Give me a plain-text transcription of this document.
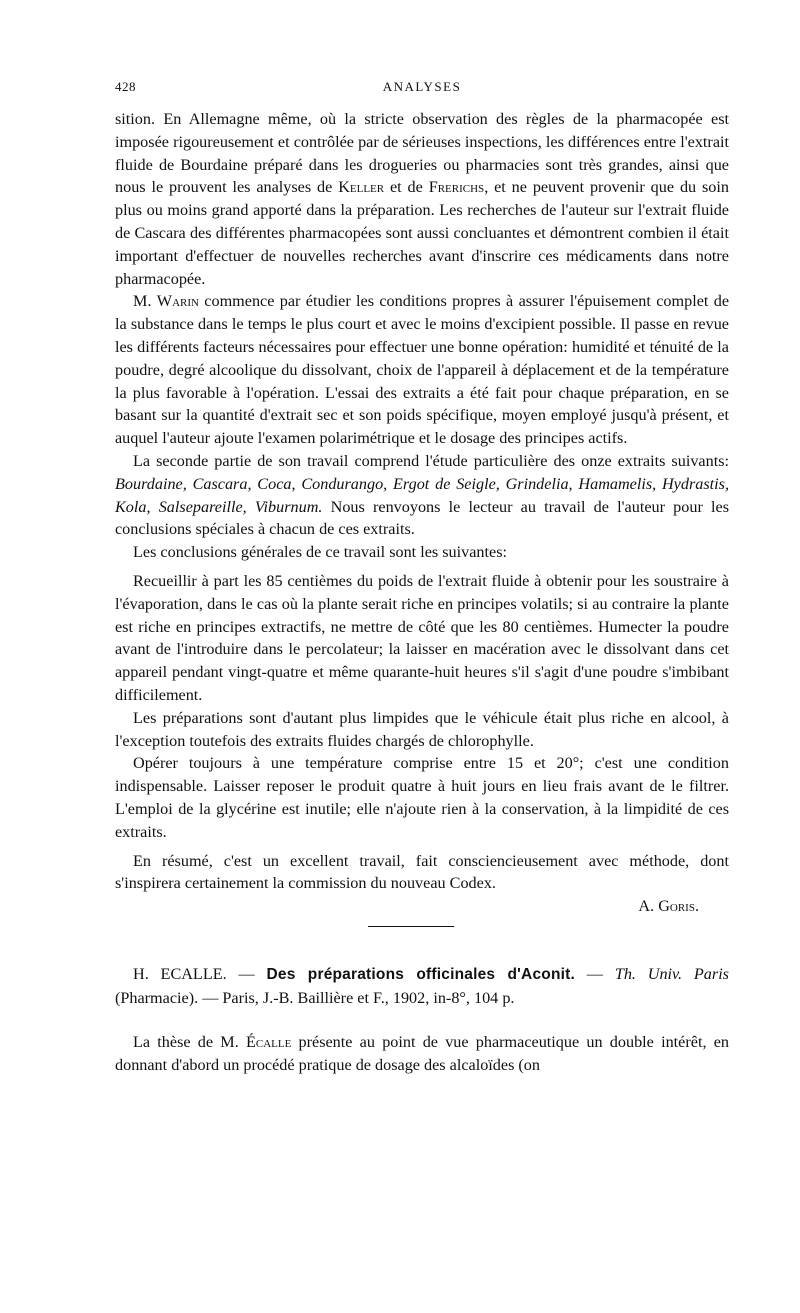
428	ANALYSES

sition. En Allemagne même, où la stricte observation des règles de la pharmacopée est imposée rigoureusement et contrôlée par de sérieuses inspections, les différences entre l'extrait fluide de Bourdaine préparé dans les drogueries ou pharmacies sont très grandes, ainsi que nous le prouvent les analyses de Keller et de Frerichs, et ne peuvent provenir que du soin plus ou moins grand apporté dans la préparation. Les recherches de l'auteur sur l'extrait fluide de Cascara des différentes pharmacopées sont aussi concluantes et démontrent combien il était important d'effectuer de nouvelles recherches avant d'inscrire ces médicaments dans notre pharmacopée.

M. Warin commence par étudier les conditions propres à assurer l'épuisement complet de la substance dans le temps le plus court et avec le moins d'excipient possible. Il passe en revue les différents facteurs nécessaires pour effectuer une bonne opération: humidité et ténuité de la poudre, degré alcoolique du dissolvant, choix de l'appareil à déplacement et de la température la plus favorable à l'opération. L'essai des extraits a été fait pour chaque préparation, en se basant sur la quantité d'extrait sec et son poids spécifique, moyen employé jusqu'à présent, et auquel l'auteur ajoute l'examen polarimétrique et le dosage des principes actifs.

La seconde partie de son travail comprend l'étude particulière des onze extraits suivants: Bourdaine, Cascara, Coca, Condurango, Ergot de Seigle, Grindelia, Hamamelis, Hydrastis, Kola, Salsepareille, Viburnum. Nous renvoyons le lecteur au travail de l'auteur pour les conclusions spéciales à chacun de ces extraits.

Les conclusions générales de ce travail sont les suivantes:

Recueillir à part les 85 centièmes du poids de l'extrait fluide à obtenir pour les soustraire à l'évaporation, dans le cas où la plante serait riche en principes volatils; si au contraire la plante est riche en principes extractifs, ne mettre de côté que les 80 centièmes. Humecter la poudre avant de l'introduire dans le percolateur; la laisser en macération avec le dissolvant dans cet appareil pendant vingt-quatre et même quarante-huit heures s'il s'agit d'une poudre s'imbibant difficilement.

Les préparations sont d'autant plus limpides que le véhicule était plus riche en alcool, à l'exception toutefois des extraits fluides chargés de chlorophylle.

Opérer toujours à une température comprise entre 15 et 20°; c'est une condition indispensable. Laisser reposer le produit quatre à huit jours en lieu frais avant de le filtrer. L'emploi de la glycérine est inutile; elle n'ajoute rien à la conservation, à la limpidité de ces extraits.

En résumé, c'est un excellent travail, fait consciencieusement avec méthode, dont s'inspirera certainement la commission du nouveau Codex.

A. Goris.

H. ECALLE. — Des préparations officinales d'Aconit. — Th. Univ. Paris (Pharmacie). — Paris, J.-B. Baillière et F., 1902, in-8°, 104 p.

La thèse de M. Écalle présente au point de vue pharmaceutique un double intérêt, en donnant d'abord un procédé pratique de dosage des alcaloïdes (on
